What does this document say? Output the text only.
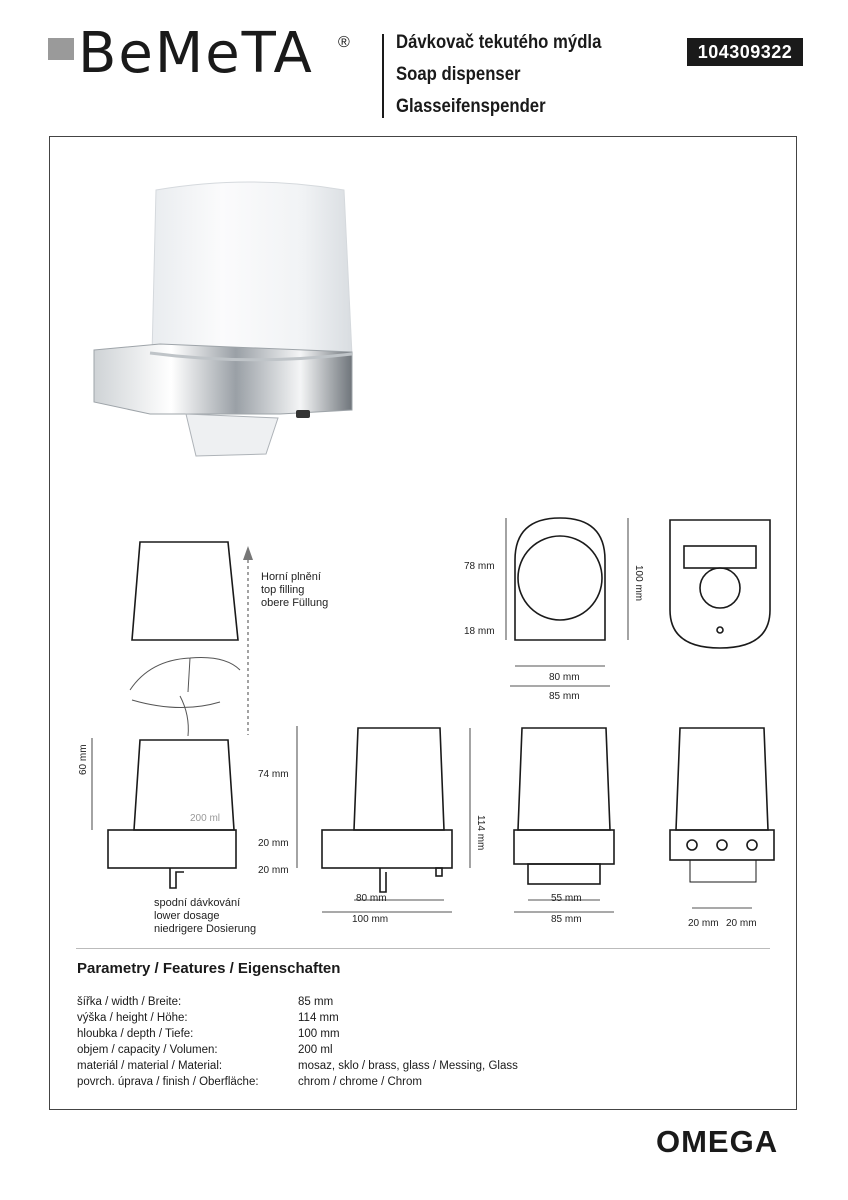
BeMeTA ® Dávkovač tekutého mýdla
Soap dispenser
Glasseifenspender
104309322
Horní plnění
top filling
obere Füllung
spodní dávkování
lower dosage
niedrigere Dosierung
200 ml
60 mm	74 mm
20 mm
20 mm
114 mm
80 mm
100 mm
55 mm
85 mm	20 mm 20 mm
78 mm
18 mm
100 mm
80 mm
85 mm
Parametry / Features / Eigenschaften
šířka / width / Breite:	85 mm
výška / height / Höhe:	114 mm
hloubka / depth / Tiefe:	100 mm
objem / capacity / Volumen:	200 ml
materiál / material / Material:	mosaz, sklo / brass, glass / Messing, Glass
povrch. úprava / finish / Oberfläche:	chrom / chrome / Chrom
OMEGA
